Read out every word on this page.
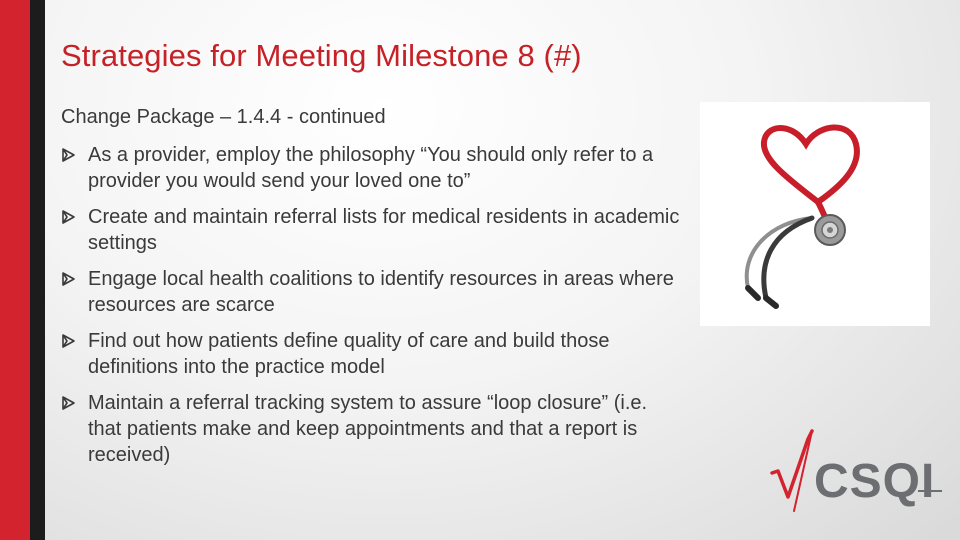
Strategies for Meeting Milestone 8 (#)
Change Package – 1.4.4 - continued
As a provider, employ the philosophy “You should only refer to a provider you would send your loved one to”
Create and maintain referral lists for medical residents in academic settings
Engage local health coalitions to identify resources in areas where resources are scarce
Find out how patients define quality of care and build those definitions into the practice model
Maintain a referral tracking system to assure “loop closure” (i.e. that patients make and keep appointments and that a report is received)	CSQI
